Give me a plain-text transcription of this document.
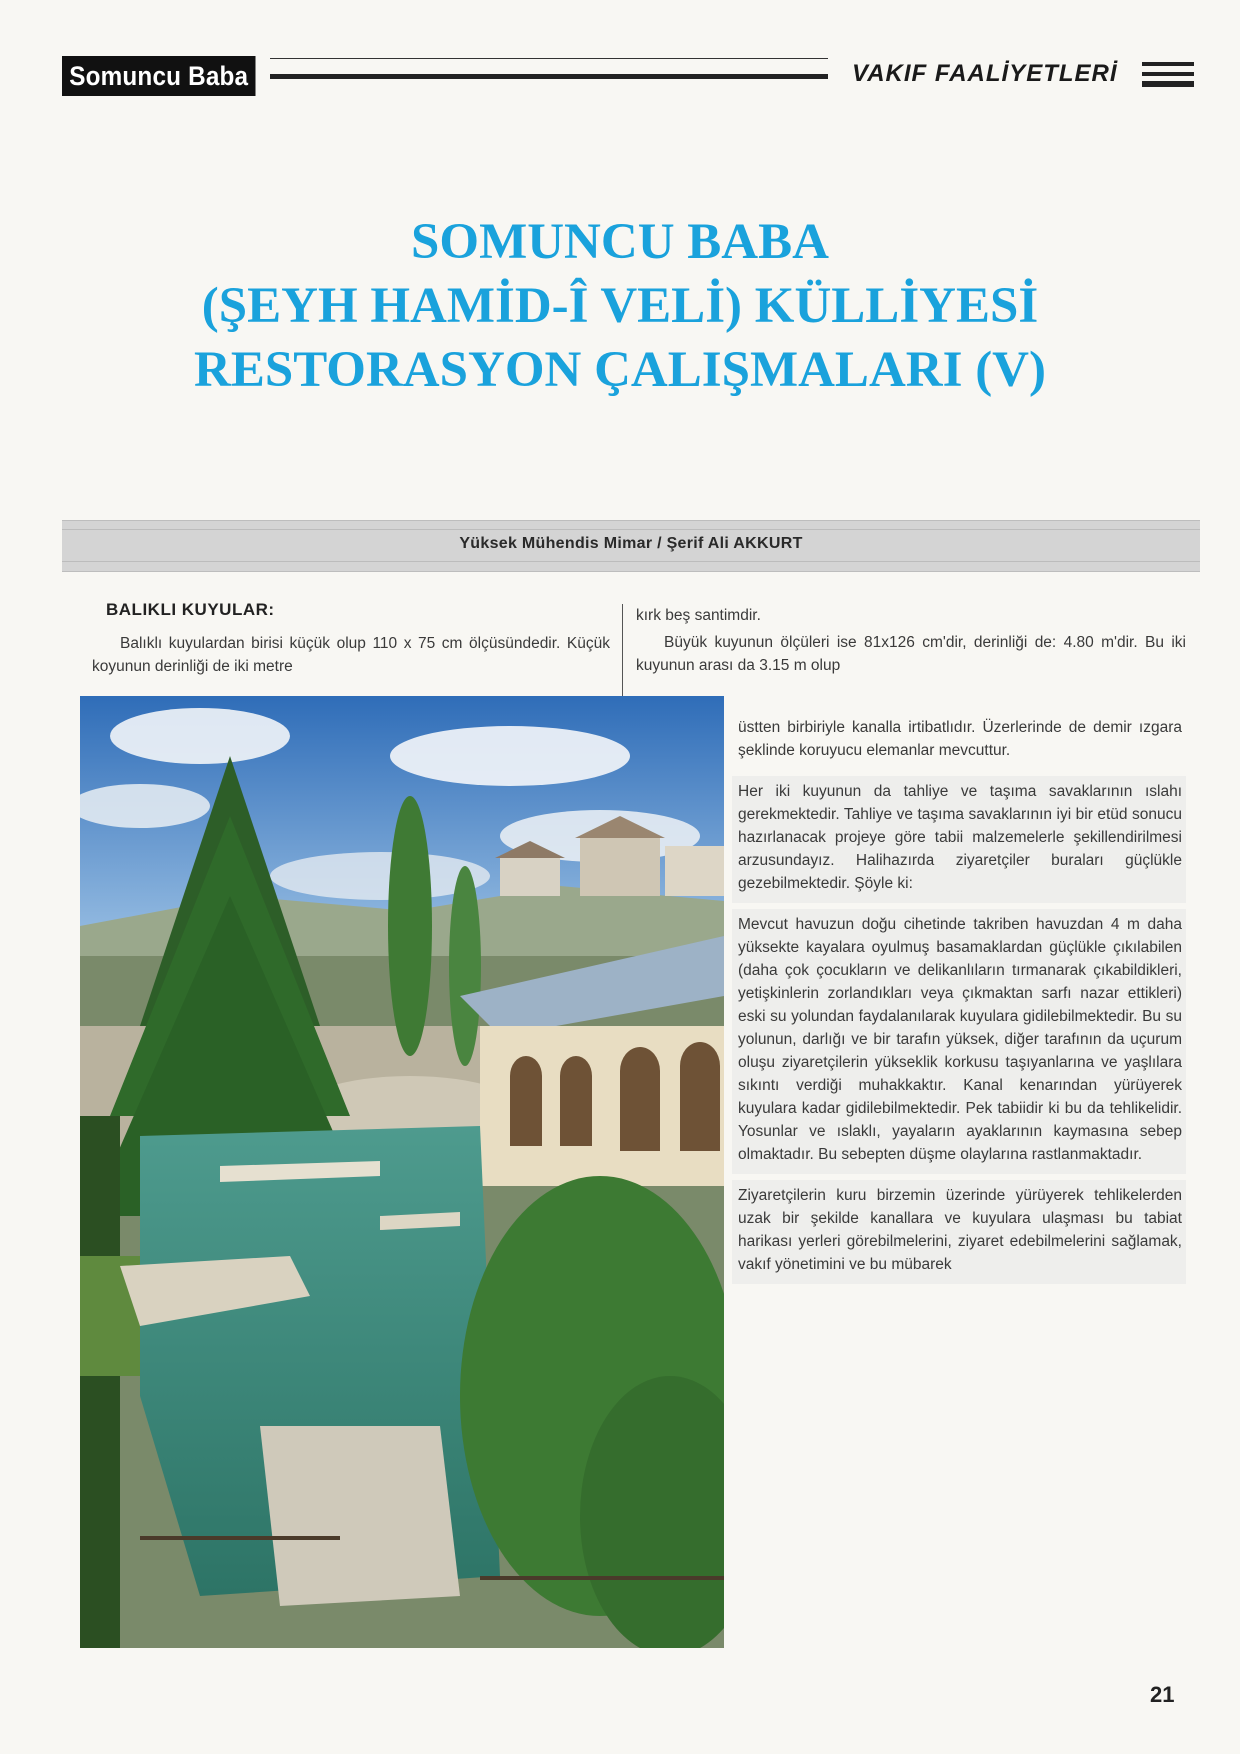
Somuncu Baba	VAKIF FAALİYETLERİ
SOMUNCU BABA
(ŞEYH HAMİD-Î VELİ) KÜLLİYESİ
RESTORASYON ÇALIŞMALARI (V)
Yüksek Mühendis Mimar / Şerif Ali AKKURT
BALIKLI KUYULAR:

Balıklı kuyulardan birisi küçük olup 110 x 75 cm ölçüsündedir. Küçük koyunun derinliği de iki metre

kırk beş santimdir.

Büyük kuyunun ölçüleri ise 81x126 cm'dir, derinliği de: 4.80 m'dir. Bu iki kuyunun arası da 3.15 m olup

üstten birbiriyle kanalla irtibatlıdır. Üzerlerinde de demir ızgara şeklinde koruyucu elemanlar mevcuttur.

Her iki kuyunun da tahliye ve taşıma savaklarının ıslahı gerekmektedir. Tahliye ve taşıma savaklarının iyi bir etüd sonucu hazırlanacak projeye göre tabii malzemelerle şekillendirilmesi arzusundayız. Halihazırda ziyaretçiler buraları güçlükle gezebilmektedir. Şöyle ki:

Mevcut havuzun doğu cihetinde takriben havuzdan 4 m daha yüksekte kayalara oyulmuş basamaklardan güçlükle çıkılabilen (daha çok çocukların ve delikanlıların tırmanarak çıkabildikleri, yetişkinlerin zorlandıkları veya çıkmaktan sarfı nazar ettikleri) eski su yolundan faydalanılarak kuyulara gidilebilmektedir. Bu su yolunun, darlığı ve bir tarafın yüksek, diğer tarafının da uçurum oluşu ziyaretçilerin yükseklik korkusu taşıyanlarına ve yaşlılara sıkıntı verdiği muhakkaktır. Kanal kenarından yürüyerek kuyulara kadar gidilebilmektedir. Pek tabiidir ki bu da tehlikelidir. Yosunlar ve ıslaklı, yayaların ayaklarının kaymasına sebep olmaktadır. Bu sebepten düşme olaylarına rastlanmaktadır.

Ziyaretçilerin kuru birzemin üzerinde yürüyerek tehlikelerden uzak bir şekilde kanallara ve kuyulara ulaşması bu tabiat harikası yerleri görebilmelerini, ziyaret edebilmelerini sağlamak, vakıf yönetimini ve bu mübarek

21
